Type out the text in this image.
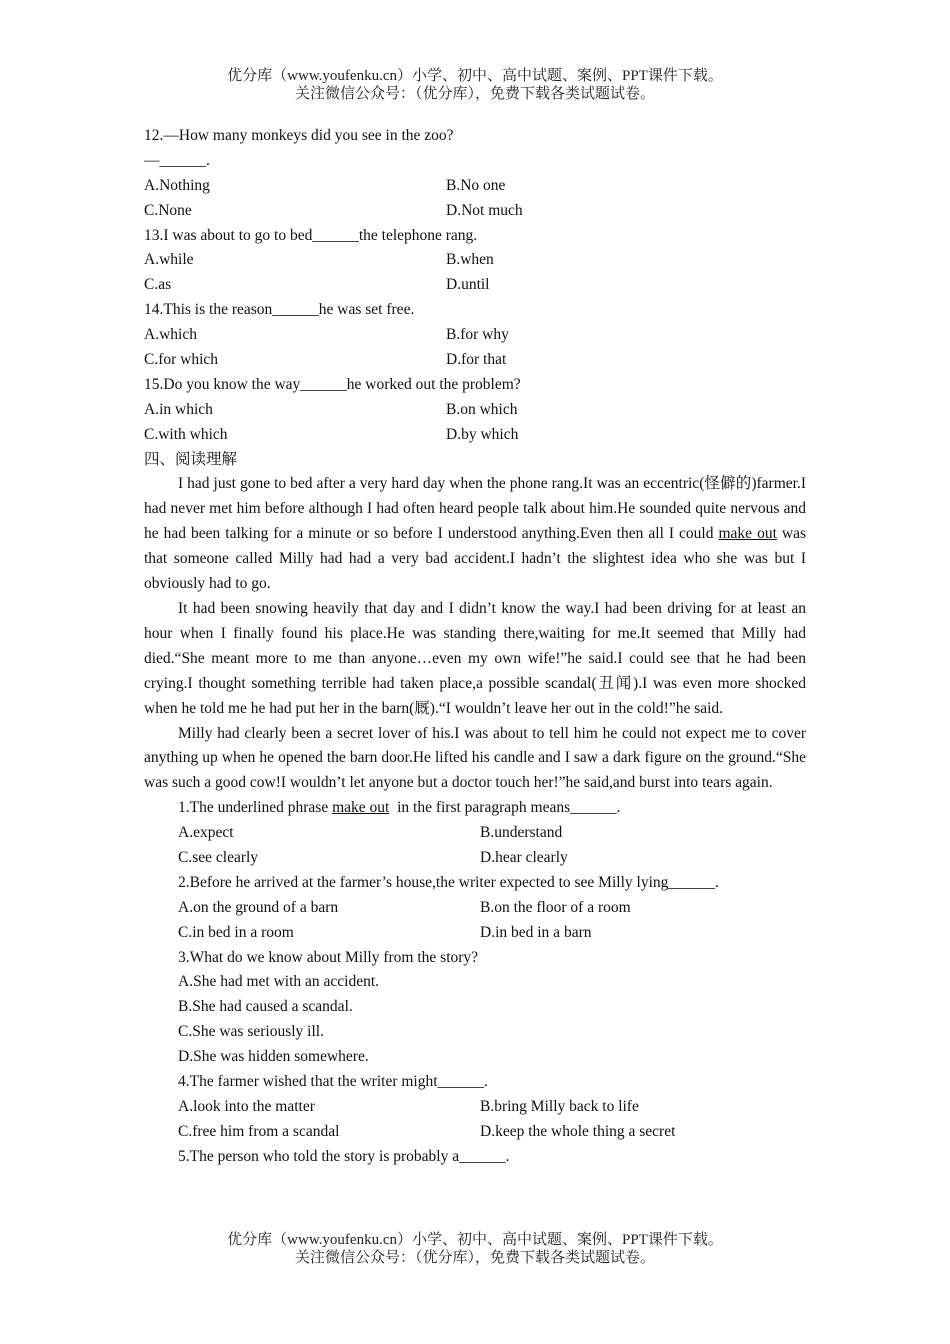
优分库（www.youfenku.cn）小学、初中、高中试题、案例、PPT课件下载。
关注微信公众号：（优分库），免费下载各类试题试卷。
12.—How many monkeys did you see in the zoo?
—______.
A.Nothing	B.No one
C.None	D.Not much
13.I was about to go to bed______the telephone rang.
A.while	B.when
C.as	D.until
14.This is the reason______he was set free.
A.which	B.for why
C.for which	D.for that
15.Do you know the way______he worked out the problem?
A.in which	B.on which
C.with which	D.by which
四、阅读理解

I had just gone to bed after a very hard day when the phone rang.It was an eccentric(怪僻的)farmer.I had never met him before although I had often heard people talk about him.He sounded quite nervous and he had been talking for a minute or so before I understood anything.Even then all I could make out was that someone called Milly had had a very bad accident.I hadn’t the slightest idea who she was but I obviously had to go.

It had been snowing heavily that day and I didn’t know the way.I had been driving for at least an hour when I finally found his place.He was standing there,waiting for me.It seemed that Milly had died.“She meant more to me than anyone…even my own wife!”he said.I could see that he had been crying.I thought something terrible had taken place,a possible scandal(丑闻).I was even more shocked when he told me he had put her in the barn(厩).“I wouldn’t leave her out in the cold!”he said.

Milly had clearly been a secret lover of his.I was about to tell him he could not expect me to cover anything up when he opened the barn door.He lifted his candle and I saw a dark figure on the ground.“She was such a good cow!I wouldn’t let anyone but a doctor touch her!”he said,and burst into tears again.

1.The underlined phrase make out  in the first paragraph means______.
A.expect	B.understand
C.see clearly	D.hear clearly
2.Before he arrived at the farmer’s house,the writer expected to see Milly lying______.
A.on the ground of a barn	B.on the floor of a room
C.in bed in a room	D.in bed in a barn
3.What do we know about Milly from the story?
A.She had met with an accident.
B.She had caused a scandal.
C.She was seriously ill.
D.She was hidden somewhere.
4.The farmer wished that the writer might______.
A.look into the matter	B.bring Milly back to life
C.free him from a scandal	D.keep the whole thing a secret
5.The person who told the story is probably a______.
优分库（www.youfenku.cn）小学、初中、高中试题、案例、PPT课件下载。
关注微信公众号：（优分库），免费下载各类试题试卷。
